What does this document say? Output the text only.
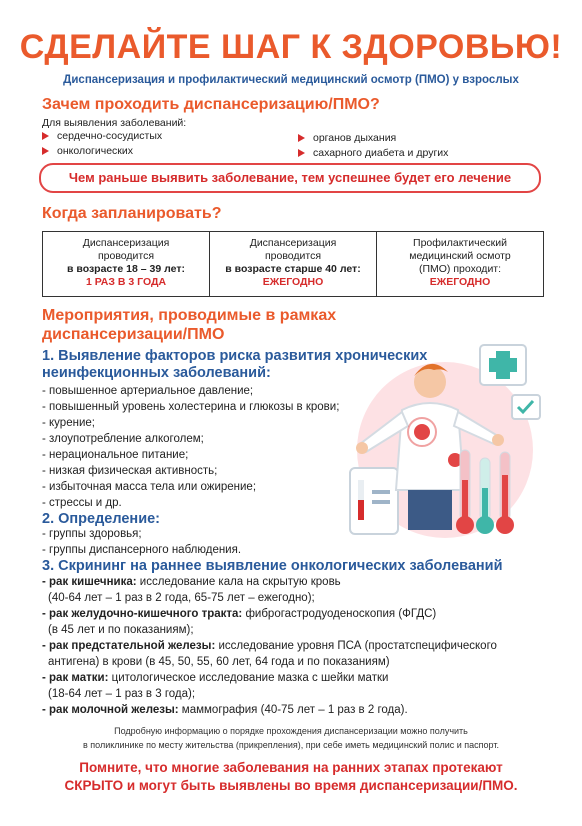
СДЕЛАЙТЕ ШАГ К ЗДОРОВЬЮ!
Диспансеризация и профилактический медицинский осмотр (ПМО) у взрослых
Зачем проходить диспансеризацию/ПМО?
Для выявления заболеваний:
сердечно-сосудистых
онкологических
органов дыхания
сахарного диабета и других
Чем раньше выявить заболевание, тем успешнее будет его лечение
Когда запланировать?
Диспансеризация
проводится
в возрасте 18 – 39 лет:
1 РАЗ В 3 ГОДА
Диспансеризация
проводится
в возрасте старше 40 лет:
ЕЖЕГОДНО
Профилактический
медицинский осмотр
(ПМО) проходит:
ЕЖЕГОДНО
Мероприятия, проводимые в рамках
диспансеризации/ПМО
1. Выявление факторов риска развития хронических
неинфекционных заболеваний:
- повышенное артериальное давление;
- повышенный уровень холестерина и глюкозы в крови;
- курение;
- злоупотребление алкоголем;
- нерациональное питание;
- низкая физическая активность;
- избыточная масса тела или ожирение;
- стрессы и др.
2. Определение:
- группы здоровья;
- группы диспансерного наблюдения.
3. Скрининг на раннее выявление онкологических заболеваний
- рак кишечника: исследование кала на скрытую кровь
(40-64 лет – 1 раз в 2 года, 65-75 лет – ежегодно);
- рак желудочно-кишечного тракта: фиброгастродуоденоскопия (ФГДС)
(в 45 лет и по показаниям);
- рак предстательной железы: исследование уровня ПСА (простатспецифического
антигена) в крови (в 45, 50, 55, 60 лет, 64 года и по показаниям)
- рак матки: цитологическое исследование мазка с шейки матки
(18-64 лет – 1 раз в 3 года);
- рак молочной железы: маммография (40-75 лет – 1 раз в 2 года).
Подробную информацию о порядке прохождения диспансеризации можно получить
в поликлинике по месту жительства (прикрепления), при себе иметь медицинский полис и паспорт.
Помните, что многие заболевания на ранних этапах протекают
СКРЫТО и могут быть выявлены во время диспансеризации/ПМО.
